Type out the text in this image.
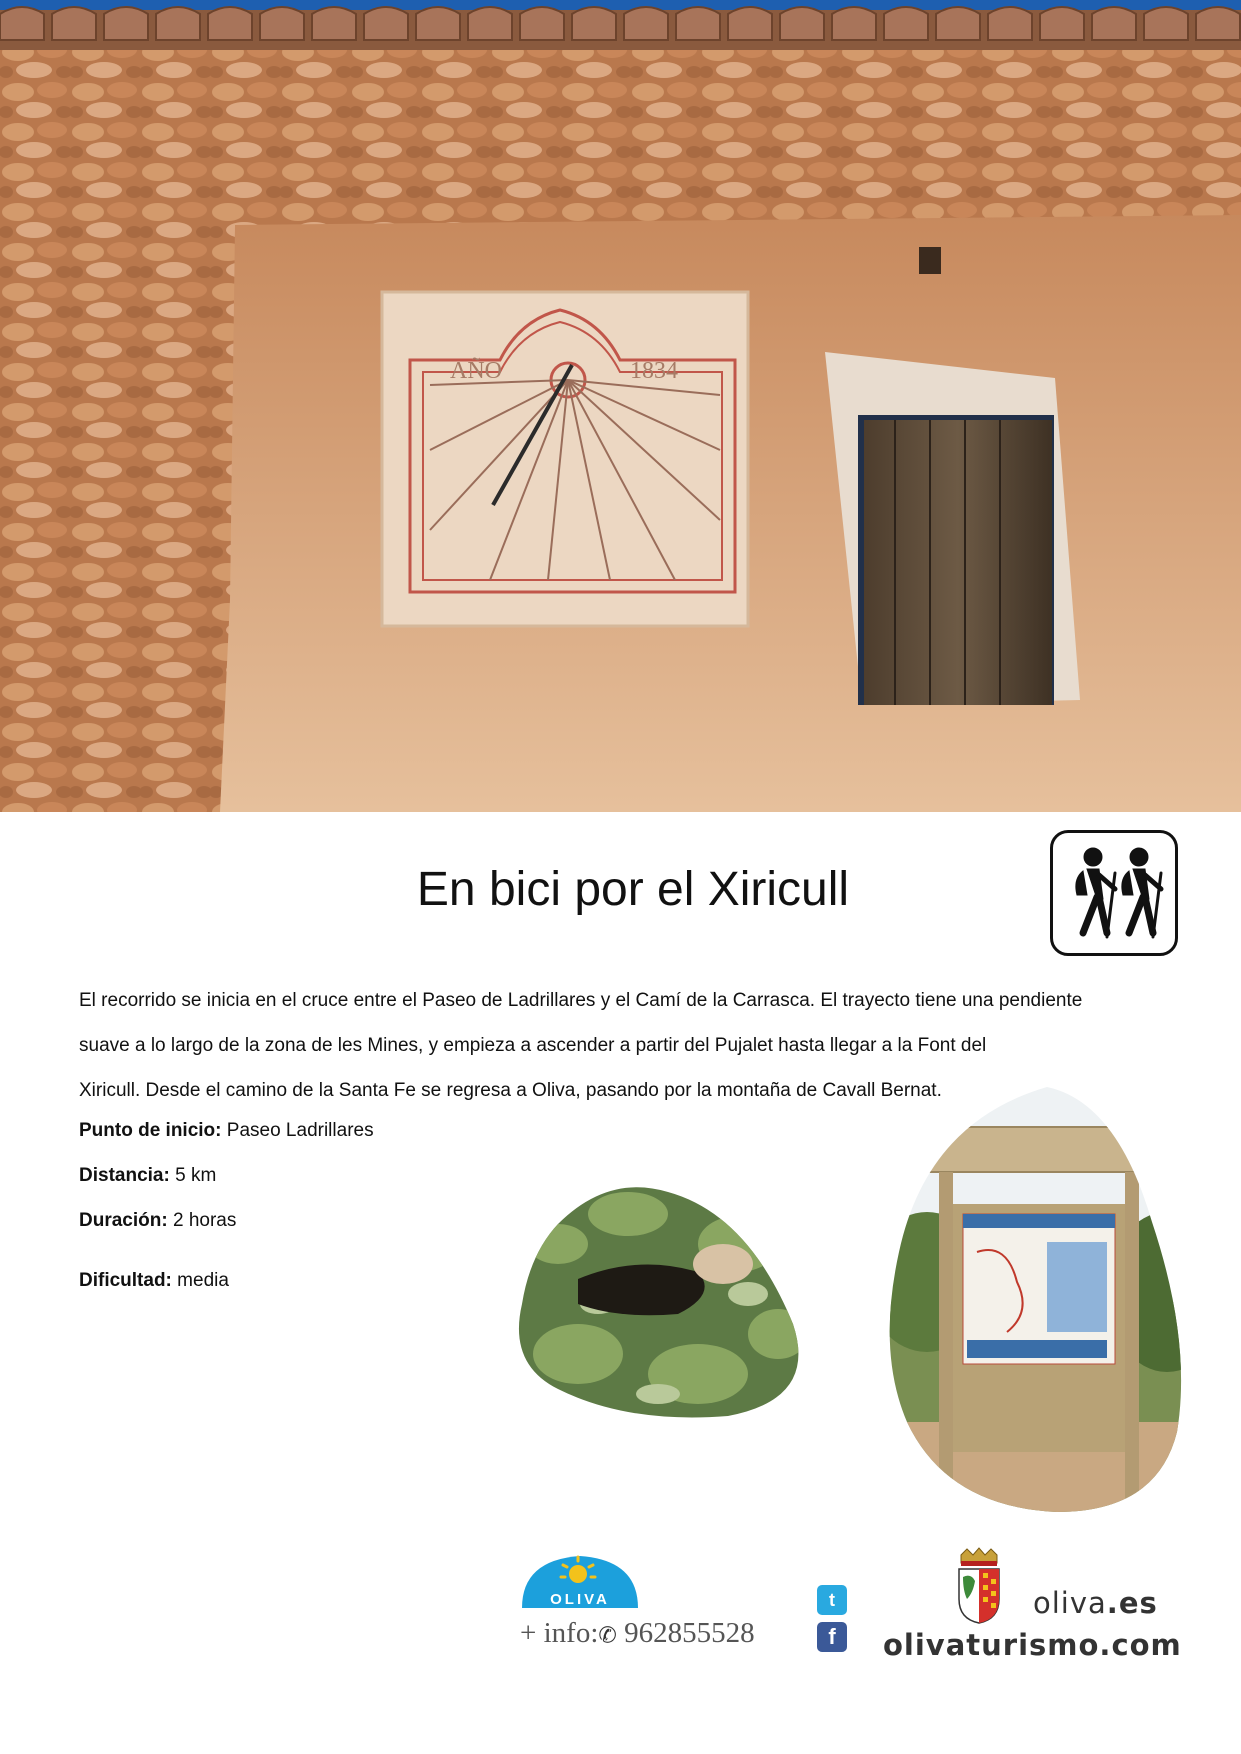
AÑO	1834
En bici por el Xiricull

El recorrido se inicia en el cruce entre el Paseo de Ladrillares y el Camí de la Carrasca. El trayecto tiene una pendiente
suave a lo largo de la zona de les Mines, y empieza a ascender a partir del Pujalet hasta llegar a la Font del
Xiricull. Desde el camino de la Santa Fe se regresa a Oliva, pasando por la montaña de Cavall Bernat.

Punto de inicio: Paseo Ladrillares

Distancia: 5 km

Duración: 2 horas

Dificultad: media

OLIVA
+ info:✆ 962855528
t
f
oliva.es
olivaturismo.com
